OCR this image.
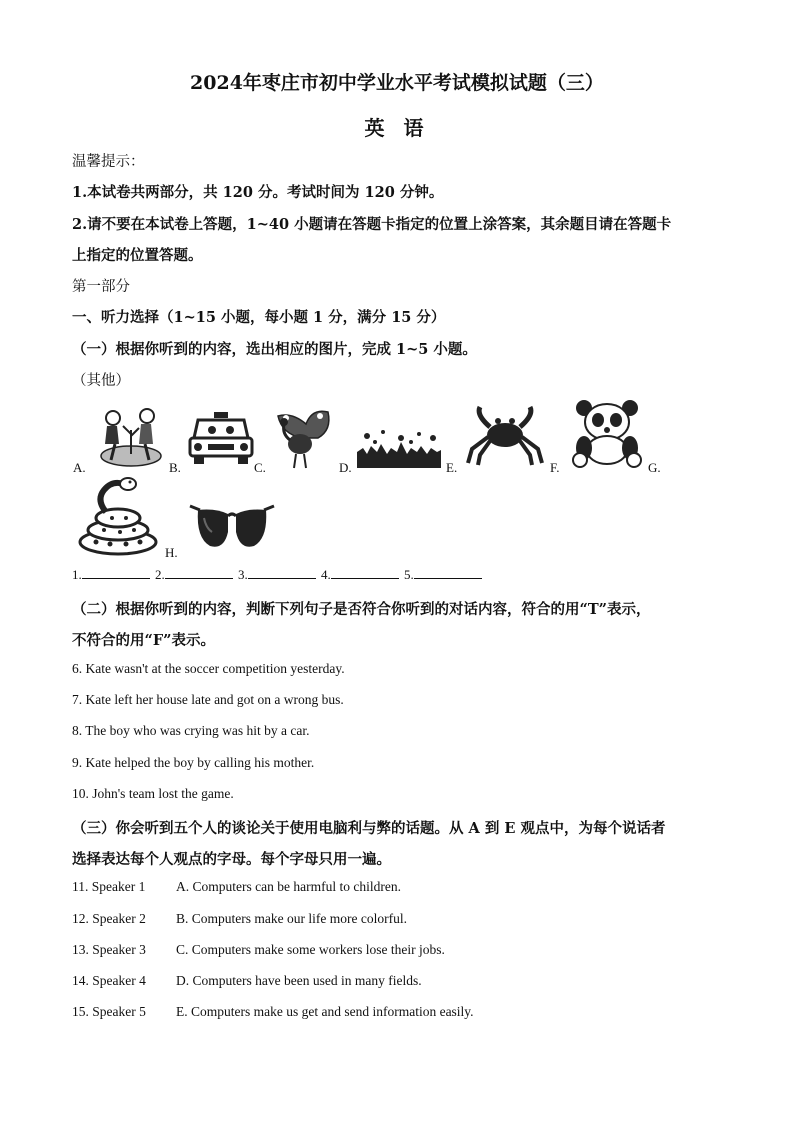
2024年枣庄市初中学业水平考试模拟试题（三）
英 语
温馨提示：
1.本试卷共两部分，共 120 分。考试时间为 120 分钟。
2.请不要在本试卷上答题，1~40 小题请在答题卡指定的位置上涂答案，其余题目请在答题卡
上指定的位置答题。
第一部分
一、听力选择（1~15 小题，每小题 1 分，满分 15 分）
（一）根据你听到的内容，选出相应的图片，完成 1~5 小题。
（其他）
A.	B.	C.	D.	E.	F.	G.
H.
1.	2.	3.	4.	5.
（二）根据你听到的内容，判断下列句子是否符合你听到的对话内容，符合的用“T”表示，
不符合的用“F”表示。
6. Kate wasn't at the soccer competition yesterday.
7. Kate left her house late and got on a wrong bus.
8. The boy who was crying was hit by a car.
9. Kate helped the boy by calling his mother.
10. John's team lost the game.
（三）你会听到五个人的谈论关于使用电脑利与弊的话题。从 A 到 E 观点中，为每个说话者
选择表达每个人观点的字母。每个字母只用一遍。
11. Speaker 1 A. Computers can be harmful to children.
12. Speaker 2 B. Computers make our life more colorful.
13. Speaker 3 C. Computers make some workers lose their jobs.
14. Speaker 4 D. Computers have been used in many fields.
15. Speaker 5 E. Computers make us get and send information easily.
